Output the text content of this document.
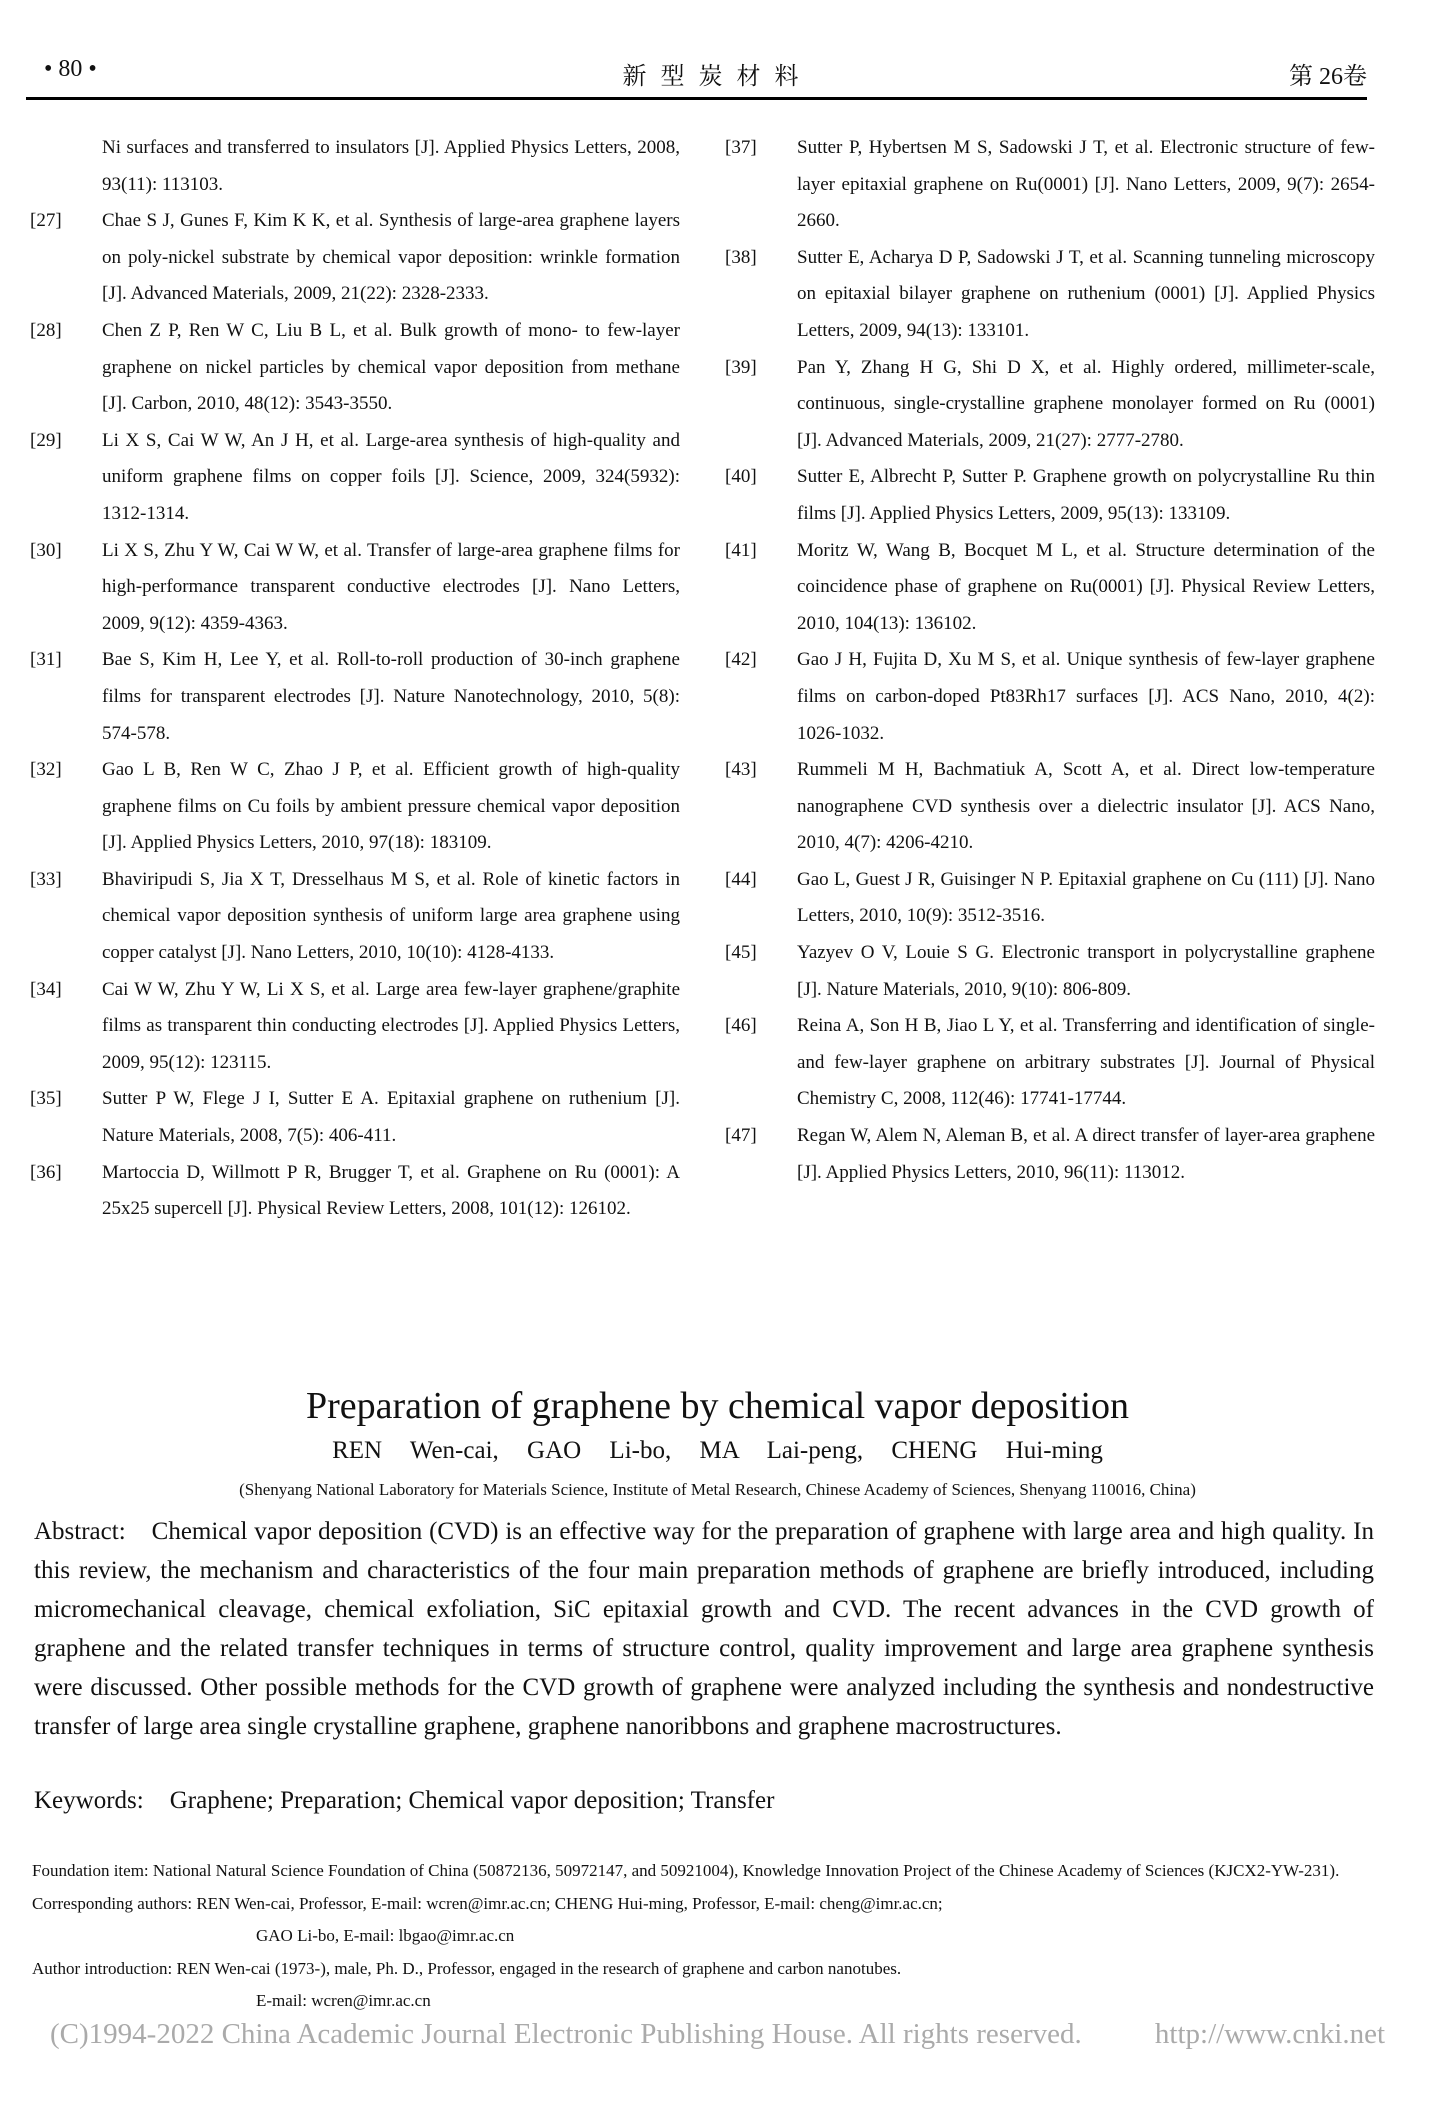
• 80 •	新型炭材料	第 26卷
Ni surfaces and transferred to insulators [J]. Applied Physics Letters, 2008, 93(11): 113103.
[27] Chae S J, Gunes F, Kim K K, et al. Synthesis of large-area graphene layers on poly-nickel substrate by chemical vapor deposition: wrinkle formation [J]. Advanced Materials, 2009, 21(22): 2328-2333.
[28] Chen Z P, Ren W C, Liu B L, et al. Bulk growth of mono- to few-layer graphene on nickel particles by chemical vapor deposition from methane [J]. Carbon, 2010, 48(12): 3543-3550.
[29] Li X S, Cai W W, An J H, et al. Large-area synthesis of high-quality and uniform graphene films on copper foils [J]. Science, 2009, 324(5932): 1312-1314.
[30] Li X S, Zhu Y W, Cai W W, et al. Transfer of large-area graphene films for high-performance transparent conductive electrodes [J]. Nano Letters, 2009, 9(12): 4359-4363.
[31] Bae S, Kim H, Lee Y, et al. Roll-to-roll production of 30-inch graphene films for transparent electrodes [J]. Nature Nanotechnology, 2010, 5(8): 574-578.
[32] Gao L B, Ren W C, Zhao J P, et al. Efficient growth of high-quality graphene films on Cu foils by ambient pressure chemical vapor deposition [J]. Applied Physics Letters, 2010, 97(18): 183109.
[33] Bhaviripudi S, Jia X T, Dresselhaus M S, et al. Role of kinetic factors in chemical vapor deposition synthesis of uniform large area graphene using copper catalyst [J]. Nano Letters, 2010, 10(10): 4128-4133.
[34] Cai W W, Zhu Y W, Li X S, et al. Large area few-layer graphene/graphite films as transparent thin conducting electrodes [J]. Applied Physics Letters, 2009, 95(12): 123115.
[35] Sutter P W, Flege J I, Sutter E A. Epitaxial graphene on ruthenium [J]. Nature Materials, 2008, 7(5): 406-411.
[36] Martoccia D, Willmott P R, Brugger T, et al. Graphene on Ru (0001): A 25x25 supercell [J]. Physical Review Letters, 2008, 101(12): 126102.
[37] Sutter P, Hybertsen M S, Sadowski J T, et al. Electronic structure of few-layer epitaxial graphene on Ru(0001) [J]. Nano Letters, 2009, 9(7): 2654-2660.
[38] Sutter E, Acharya D P, Sadowski J T, et al. Scanning tunneling microscopy on epitaxial bilayer graphene on ruthenium (0001) [J]. Applied Physics Letters, 2009, 94(13): 133101.
[39] Pan Y, Zhang H G, Shi D X, et al. Highly ordered, millimeter-scale, continuous, single-crystalline graphene monolayer formed on Ru (0001) [J]. Advanced Materials, 2009, 21(27): 2777-2780.
[40] Sutter E, Albrecht P, Sutter P. Graphene growth on polycrystalline Ru thin films [J]. Applied Physics Letters, 2009, 95(13): 133109.
[41] Moritz W, Wang B, Bocquet M L, et al. Structure determination of the coincidence phase of graphene on Ru(0001) [J]. Physical Review Letters, 2010, 104(13): 136102.
[42] Gao J H, Fujita D, Xu M S, et al. Unique synthesis of few-layer graphene films on carbon-doped Pt83Rh17 surfaces [J]. ACS Nano, 2010, 4(2): 1026-1032.
[43] Rummeli M H, Bachmatiuk A, Scott A, et al. Direct low-temperature nanographene CVD synthesis over a dielectric insulator [J]. ACS Nano, 2010, 4(7): 4206-4210.
[44] Gao L, Guest J R, Guisinger N P. Epitaxial graphene on Cu (111) [J]. Nano Letters, 2010, 10(9): 3512-3516.
[45] Yazyev O V, Louie S G. Electronic transport in polycrystalline graphene [J]. Nature Materials, 2010, 9(10): 806-809.
[46] Reina A, Son H B, Jiao L Y, et al. Transferring and identification of single- and few-layer graphene on arbitrary substrates [J]. Journal of Physical Chemistry C, 2008, 112(46): 17741-17744.
[47] Regan W, Alem N, Aleman B, et al. A direct transfer of layer-area graphene [J]. Applied Physics Letters, 2010, 96(11): 113012.
Preparation of graphene by chemical vapor deposition
REN Wen-cai, GAO Li-bo, MA Lai-peng, CHENG Hui-ming
(Shenyang National Laboratory for Materials Science, Institute of Metal Research, Chinese Academy of Sciences, Shenyang 110016, China)
Abstract: Chemical vapor deposition (CVD) is an effective way for the preparation of graphene with large area and high quality. In this review, the mechanism and characteristics of the four main preparation methods of graphene are briefly introduced, including micromechanical cleavage, chemical exfoliation, SiC epitaxial growth and CVD. The recent advances in the CVD growth of graphene and the related transfer techniques in terms of structure control, quality improvement and large area graphene synthesis were discussed. Other possible methods for the CVD growth of graphene were analyzed including the synthesis and nondestructive transfer of large area single crystalline graphene, graphene nanoribbons and graphene macrostructures.
Keywords: Graphene; Preparation; Chemical vapor deposition; Transfer
Foundation item: National Natural Science Foundation of China (50872136, 50972147, and 50921004), Knowledge Innovation Project of the Chinese Academy of Sciences (KJCX2-YW-231).
Corresponding authors: REN Wen-cai, Professor, E-mail: wcren@imr.ac.cn; CHENG Hui-ming, Professor, E-mail: cheng@imr.ac.cn;
GAO Li-bo, E-mail: lbgao@imr.ac.cn
Author introduction: REN Wen-cai (1973-), male, Ph. D., Professor, engaged in the research of graphene and carbon nanotubes.
E-mail: wcren@imr.ac.cn
(C)1994-2022 China Academic Journal Electronic Publishing House. All rights reserved.	http://www.cnki.net
